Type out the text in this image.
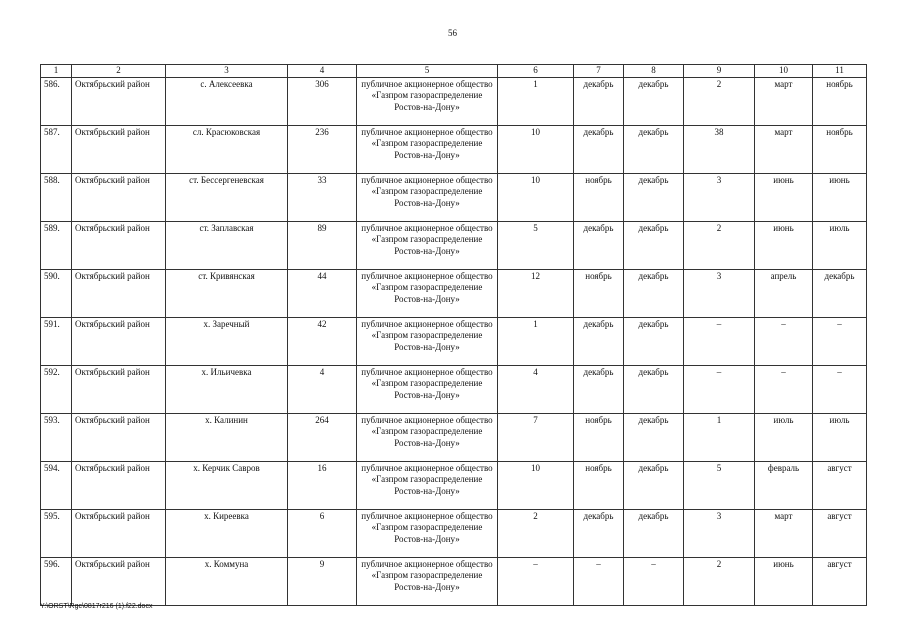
56
1	2	3	4	5	6	7	8	9	10	11
586.	Октябрьский район	с. Алексеевка	306	публичное акционерное общество «Газпром газораспределение Ростов-на-Дону»	1	декабрь	декабрь	2	март	ноябрь
587.	Октябрьский район	сл. Красюковская	236	публичное акционерное общество «Газпром газораспределение Ростов-на-Дону»	10	декабрь	декабрь	38	март	ноябрь
588.	Октябрьский район	ст. Бессергеневская	33	публичное акционерное общество «Газпром газораспределение Ростов-на-Дону»	10	ноябрь	декабрь	3	июнь	июнь
589.	Октябрьский район	ст. Заплавская	89	публичное акционерное общество «Газпром газораспределение Ростов-на-Дону»	5	декабрь	декабрь	2	июнь	июль
590.	Октябрьский район	ст. Кривянская	44	публичное акционерное общество «Газпром газораспределение Ростов-на-Дону»	12	ноябрь	декабрь	3	апрель	декабрь
591.	Октябрьский район	х. Заречный	42	публичное акционерное общество «Газпром газораспределение Ростов-на-Дону»	1	декабрь	декабрь	–	–	–
592.	Октябрьский район	х. Ильичевка	4	публичное акционерное общество «Газпром газораспределение Ростов-на-Дону»	4	декабрь	декабрь	–	–	–
593.	Октябрьский район	х. Калинин	264	публичное акционерное общество «Газпром газораспределение Ростов-на-Дону»	7	ноябрь	декабрь	1	июль	июль
594.	Октябрьский район	х. Керчик Савров	16	публичное акционерное общество «Газпром газораспределение Ростов-на-Дону»	10	ноябрь	декабрь	5	февраль	август
595.	Октябрьский район	х. Киреевка	6	публичное акционерное общество «Газпром газораспределение Ростов-на-Дону»	2	декабрь	декабрь	3	март	август
596.	Октябрьский район	х. Коммуна	9	публичное акционерное общество «Газпром газораспределение Ростов-на-Дону»	–	–	–	2	июнь	август
Y:\ORST\Rgc\0817r216 (1).f22.docx
